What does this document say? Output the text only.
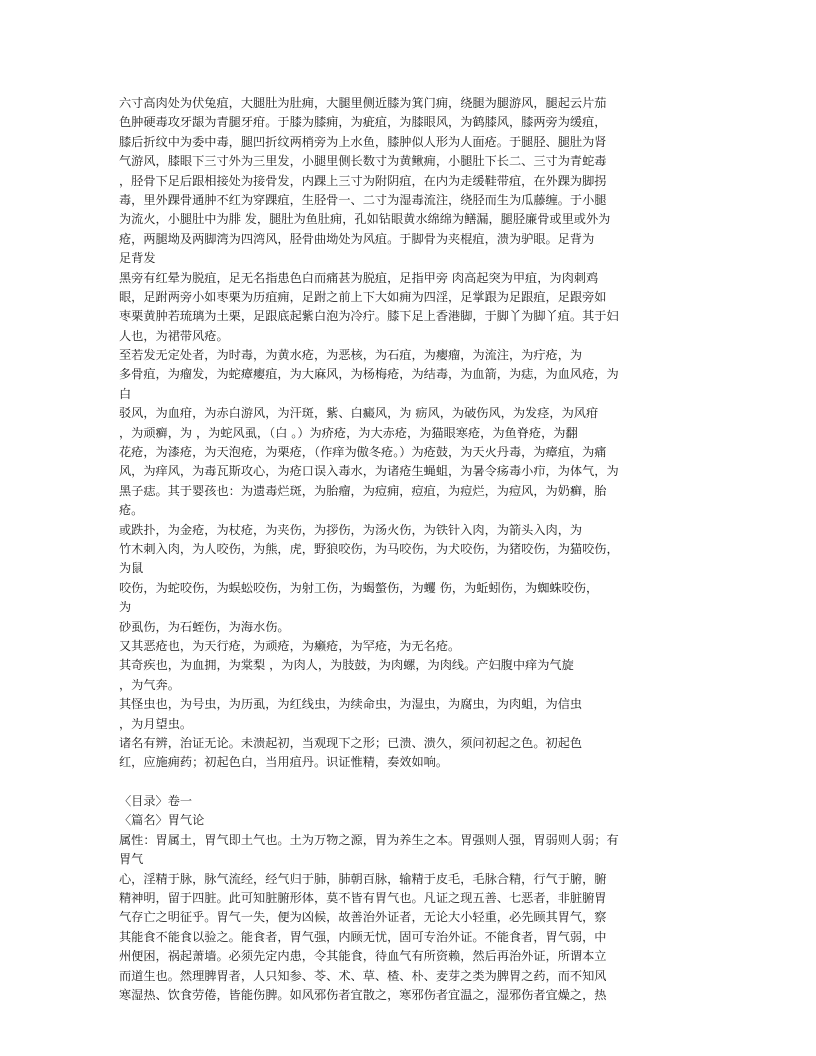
六寸高肉处为伏兔疽，大腿肚为肚痈，大腿里侧近膝为箕门痈，绕腿为腿游风，腿起云片茄
色肿硬毒攻牙龈为青腿牙疳。于膝为膝痈，为疵疽，为膝眼风，为鹤膝风，膝两旁为缓疽，
膝后折纹中为委中毒，腿凹折纹两梢旁为上水鱼，膝肿似人形为人面疮。于腿胫、腿肚为肾
气游风，膝眼下三寸外为三里发，小腿里侧长数寸为黄鳅痈，小腿肚下长二、三寸为青蛇毒
，胫骨下足后跟相接处为接骨发，内踝上三寸为附阴疽，在内为走缓鞋带疽，在外踝为脚拐
毒，里外踝骨通肿不红为穿踝疽，生胫骨一、二寸为湿毒流注，绕胫而生为瓜藤缠。于小腿
为流火，小腿肚中为腓 发，腿肚为鱼肚痈，孔如钻眼黄水绵绵为鳝漏，腿胫廉骨或里或外为
疮，两腿坳及两脚湾为四湾风，胫骨曲坳处为风疽。于脚骨为夹棍疽，溃为驴眼。足背为
足背发
黑旁有红晕为脱疽，足无名指患色白而痛甚为脱疽，足指甲旁 肉高起突为甲疽，为肉刺鸡
眼，足跗两旁小如枣栗为历疽痈，足跗之前上下大如痈为四淫，足掌跟为足跟疽，足跟旁如
枣栗黄肿若琉璃为土栗，足跟底起紫白泡为冷疔。膝下足上香港脚，于脚丫为脚丫疽。其于妇
人也，为裙带风疮。
至若发无定处者，为时毒，为黄水疮，为恶核，为石疽，为瘿瘤，为流注，为疔疮，为
多骨疽，为瘤发，为蛇瘴瘿疽，为大麻风，为杨梅疮，为结毒，为血箭，为痣，为血风疮，为
白
驳风，为血疳，为赤白游风，为汗斑，紫、白癜风，为 疬风，为破伤风，为发痉，为风疳
，为顽癣，为 ，为蛇风虱，（白 。）为疥疮，为大赤疮，为猫眼寒疮，为鱼脊疮，为翻
花疮，为漆疮，为天泡疮，为栗疮，（作痒为傲冬疮。）为疮鼓，为天火丹毒，为瘴疽，为痛
风，为痒风，为毒瓦斯攻心，为疮口误入毒水，为诸疮生蝇蛆，为暑令疡毒小疖，为体气，为
黑子痣。其于婴孩也：为遗毒烂斑，为胎瘤，为痘痈，痘疽，为痘烂，为痘风，为奶癣，胎
疮。
或跌扑，为金疮，为杖疮，为夹伤，为拶伤，为汤火伤，为铁针入肉，为箭头入肉，为
竹木刺入肉，为人咬伤，为熊，虎，野狼咬伤，为马咬伤，为犬咬伤，为猪咬伤，为猫咬伤，
为鼠
咬伤，为蛇咬伤，为蜈蚣咬伤，为射工伤，为蝎螫伤，为蠼 伤，为蚯蚓伤，为蜘蛛咬伤，
为
砂虱伤，为石蛭伤，为海水伤。
又其恶疮也，为天行疮，为顽疮，为癞疮，为罕疮，为无名疮。
其奇疾也，为血拥，为棠梨 ，为肉人，为肢鼓，为肉螺，为肉线。产妇腹中痒为气旋
，为气奔。
其怪虫也，为号虫，为历虱，为红线虫，为续命虫，为湿虫，为腐虫，为肉蛆，为信虫
，为月望虫。
诸名有辨，治证无论。未溃起初，当观现下之形；已溃、溃久，须问初起之色。初起色
红，应施痈药；初起色白，当用疽丹。识证惟精，奏效如响。
〈目录〉卷一
〈篇名〉胃气论
属性：胃属土，胃气即土气也。土为万物之源，胃为养生之本。胃强则人强，胃弱则人弱；有
胃气
心，淫精于脉，脉气流经，经气归于肺，肺朝百脉，输精于皮毛，毛脉合精，行气于腑，腑
精神明，留于四脏。此可知脏腑形体，莫不皆有胃气也。凡证之现五善、七恶者，非脏腑胃
气存亡之明征乎。胃气一失，便为凶候，故善治外证者，无论大小轻重，必先顾其胃气，察
其能食不能食以验之。能食者，胃气强，内顾无忧，固可专治外证。不能食者，胃气弱，中
州便困，祸起萧墙。必须先定内患，令其能食，待血气有所资赖，然后再治外证，所谓本立
而道生也。然理脾胃者，人只知参、苓、术、草、楂、朴、麦芽之类为脾胃之药，而不知风
寒湿热、饮食劳倦，皆能伤脾。如风邪伤者宜散之，寒邪伤者宜温之，湿邪伤者宜燥之，热
